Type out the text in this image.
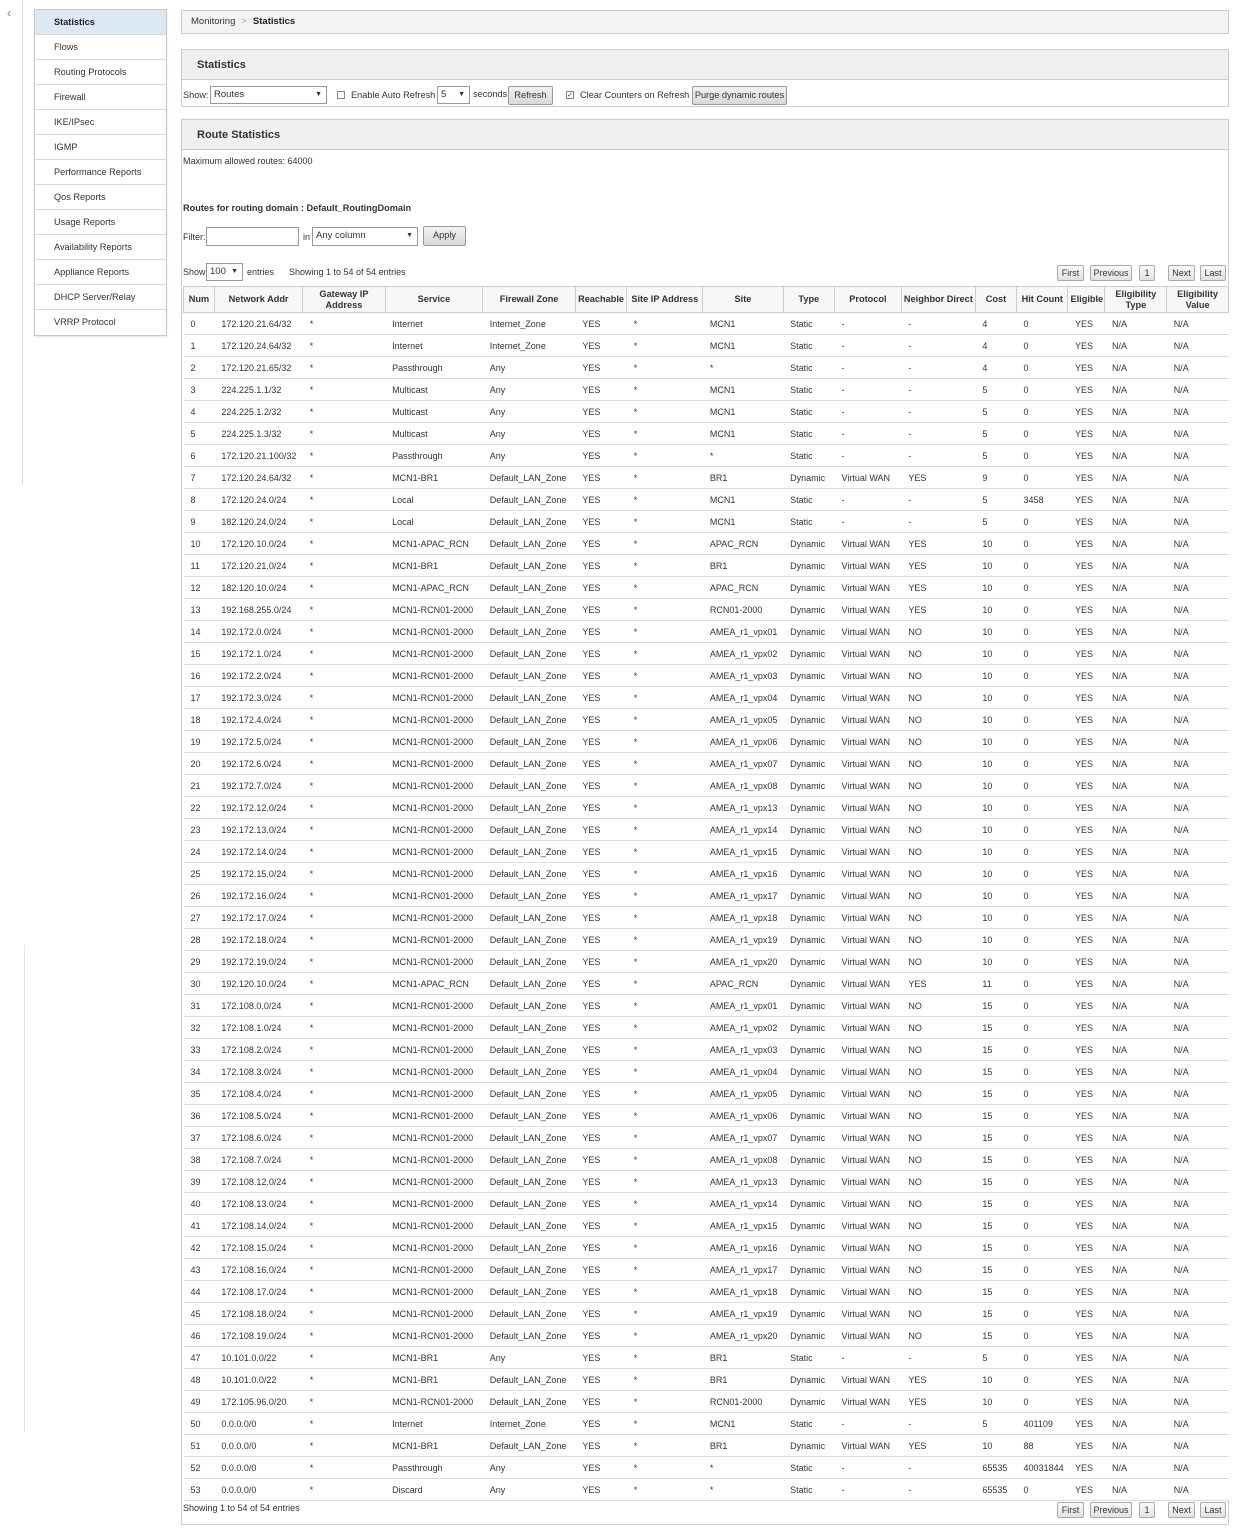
‹
Statistics
Flows
Routing Protocols
Firewall
IKE/IPsec
IGMP
Performance Reports
Qos Reports
Usage Reports
Availability Reports
Appliance Reports
DHCP Server/Relay
VRRP Protocol
Monitoring > Statistics
Statistics
Show: Routes	▼	Enable Auto Refresh 5 ▼ seconds Refresh	✓ Clear Counters on Refresh Purge dynamic routes
Route Statistics
Maximum allowed routes: 64000
Routes for routing domain : Default_RoutingDomain
Filter:	in Any column	▼	Apply
Show 100 ▼ entries Showing 1 to 54 of 54 entries	First	Previous	1	Next	Last
Num	Network Addr	Gateway IP Address	Service	Firewall Zone	Reachable	Site IP Address	Site	Type	Protocol	Neighbor Direct	Cost	Hit Count	Eligible	Eligibility Type	Eligibility Value
0	172.120.21.64/32	*	Internet	Internet_Zone	YES	*	MCN1	Static	-	-	4	0	YES	N/A	N/A
1	172.120.24.64/32	*	Internet	Internet_Zone	YES	*	MCN1	Static	-	-	4	0	YES	N/A	N/A
2	172.120.21.65/32	*	Passthrough	Any	YES	*	*	Static	-	-	4	0	YES	N/A	N/A
3	224.225.1.1/32	*	Multicast	Any	YES	*	MCN1	Static	-	-	5	0	YES	N/A	N/A
4	224.225.1.2/32	*	Multicast	Any	YES	*	MCN1	Static	-	-	5	0	YES	N/A	N/A
5	224.225.1.3/32	*	Multicast	Any	YES	*	MCN1	Static	-	-	5	0	YES	N/A	N/A
6	172.120.21.100/32	*	Passthrough	Any	YES	*	*	Static	-	-	5	0	YES	N/A	N/A
7	172.120.24.64/32	*	MCN1-BR1	Default_LAN_Zone	YES	*	BR1	Dynamic	Virtual WAN	YES	9	0	YES	N/A	N/A
8	172.120.24.0/24	*	Local	Default_LAN_Zone	YES	*	MCN1	Static	-	-	5	3458	YES	N/A	N/A
9	182.120.24.0/24	*	Local	Default_LAN_Zone	YES	*	MCN1	Static	-	-	5	0	YES	N/A	N/A
10	172.120.10.0/24	*	MCN1-APAC_RCN	Default_LAN_Zone	YES	*	APAC_RCN	Dynamic	Virtual WAN	YES	10	0	YES	N/A	N/A
11	172.120.21.0/24	*	MCN1-BR1	Default_LAN_Zone	YES	*	BR1	Dynamic	Virtual WAN	YES	10	0	YES	N/A	N/A
12	182.120.10.0/24	*	MCN1-APAC_RCN	Default_LAN_Zone	YES	*	APAC_RCN	Dynamic	Virtual WAN	YES	10	0	YES	N/A	N/A
13	192.168.255.0/24	*	MCN1-RCN01-2000	Default_LAN_Zone	YES	*	RCN01-2000	Dynamic	Virtual WAN	YES	10	0	YES	N/A	N/A
14	192.172.0.0/24	*	MCN1-RCN01-2000	Default_LAN_Zone	YES	*	AMEA_r1_vpx01	Dynamic	Virtual WAN	NO	10	0	YES	N/A	N/A
15	192.172.1.0/24	*	MCN1-RCN01-2000	Default_LAN_Zone	YES	*	AMEA_r1_vpx02	Dynamic	Virtual WAN	NO	10	0	YES	N/A	N/A
16	192.172.2.0/24	*	MCN1-RCN01-2000	Default_LAN_Zone	YES	*	AMEA_r1_vpx03	Dynamic	Virtual WAN	NO	10	0	YES	N/A	N/A
17	192.172.3.0/24	*	MCN1-RCN01-2000	Default_LAN_Zone	YES	*	AMEA_r1_vpx04	Dynamic	Virtual WAN	NO	10	0	YES	N/A	N/A
18	192.172.4.0/24	*	MCN1-RCN01-2000	Default_LAN_Zone	YES	*	AMEA_r1_vpx05	Dynamic	Virtual WAN	NO	10	0	YES	N/A	N/A
19	192.172.5.0/24	*	MCN1-RCN01-2000	Default_LAN_Zone	YES	*	AMEA_r1_vpx06	Dynamic	Virtual WAN	NO	10	0	YES	N/A	N/A
20	192.172.6.0/24	*	MCN1-RCN01-2000	Default_LAN_Zone	YES	*	AMEA_r1_vpx07	Dynamic	Virtual WAN	NO	10	0	YES	N/A	N/A
21	192.172.7.0/24	*	MCN1-RCN01-2000	Default_LAN_Zone	YES	*	AMEA_r1_vpx08	Dynamic	Virtual WAN	NO	10	0	YES	N/A	N/A
22	192.172.12.0/24	*	MCN1-RCN01-2000	Default_LAN_Zone	YES	*	AMEA_r1_vpx13	Dynamic	Virtual WAN	NO	10	0	YES	N/A	N/A
23	192.172.13.0/24	*	MCN1-RCN01-2000	Default_LAN_Zone	YES	*	AMEA_r1_vpx14	Dynamic	Virtual WAN	NO	10	0	YES	N/A	N/A
24	192.172.14.0/24	*	MCN1-RCN01-2000	Default_LAN_Zone	YES	*	AMEA_r1_vpx15	Dynamic	Virtual WAN	NO	10	0	YES	N/A	N/A
25	192.172.15.0/24	*	MCN1-RCN01-2000	Default_LAN_Zone	YES	*	AMEA_r1_vpx16	Dynamic	Virtual WAN	NO	10	0	YES	N/A	N/A
26	192.172.16.0/24	*	MCN1-RCN01-2000	Default_LAN_Zone	YES	*	AMEA_r1_vpx17	Dynamic	Virtual WAN	NO	10	0	YES	N/A	N/A
27	192.172.17.0/24	*	MCN1-RCN01-2000	Default_LAN_Zone	YES	*	AMEA_r1_vpx18	Dynamic	Virtual WAN	NO	10	0	YES	N/A	N/A
28	192.172.18.0/24	*	MCN1-RCN01-2000	Default_LAN_Zone	YES	*	AMEA_r1_vpx19	Dynamic	Virtual WAN	NO	10	0	YES	N/A	N/A
29	192.172.19.0/24	*	MCN1-RCN01-2000	Default_LAN_Zone	YES	*	AMEA_r1_vpx20	Dynamic	Virtual WAN	NO	10	0	YES	N/A	N/A
30	192.120.10.0/24	*	MCN1-APAC_RCN	Default_LAN_Zone	YES	*	APAC_RCN	Dynamic	Virtual WAN	YES	11	0	YES	N/A	N/A
31	172.108.0.0/24	*	MCN1-RCN01-2000	Default_LAN_Zone	YES	*	AMEA_r1_vpx01	Dynamic	Virtual WAN	NO	15	0	YES	N/A	N/A
32	172.108.1.0/24	*	MCN1-RCN01-2000	Default_LAN_Zone	YES	*	AMEA_r1_vpx02	Dynamic	Virtual WAN	NO	15	0	YES	N/A	N/A
33	172.108.2.0/24	*	MCN1-RCN01-2000	Default_LAN_Zone	YES	*	AMEA_r1_vpx03	Dynamic	Virtual WAN	NO	15	0	YES	N/A	N/A
34	172.108.3.0/24	*	MCN1-RCN01-2000	Default_LAN_Zone	YES	*	AMEA_r1_vpx04	Dynamic	Virtual WAN	NO	15	0	YES	N/A	N/A
35	172.108.4.0/24	*	MCN1-RCN01-2000	Default_LAN_Zone	YES	*	AMEA_r1_vpx05	Dynamic	Virtual WAN	NO	15	0	YES	N/A	N/A
36	172.108.5.0/24	*	MCN1-RCN01-2000	Default_LAN_Zone	YES	*	AMEA_r1_vpx06	Dynamic	Virtual WAN	NO	15	0	YES	N/A	N/A
37	172.108.6.0/24	*	MCN1-RCN01-2000	Default_LAN_Zone	YES	*	AMEA_r1_vpx07	Dynamic	Virtual WAN	NO	15	0	YES	N/A	N/A
38	172.108.7.0/24	*	MCN1-RCN01-2000	Default_LAN_Zone	YES	*	AMEA_r1_vpx08	Dynamic	Virtual WAN	NO	15	0	YES	N/A	N/A
39	172.108.12.0/24	*	MCN1-RCN01-2000	Default_LAN_Zone	YES	*	AMEA_r1_vpx13	Dynamic	Virtual WAN	NO	15	0	YES	N/A	N/A
40	172.108.13.0/24	*	MCN1-RCN01-2000	Default_LAN_Zone	YES	*	AMEA_r1_vpx14	Dynamic	Virtual WAN	NO	15	0	YES	N/A	N/A
41	172.108.14.0/24	*	MCN1-RCN01-2000	Default_LAN_Zone	YES	*	AMEA_r1_vpx15	Dynamic	Virtual WAN	NO	15	0	YES	N/A	N/A
42	172.108.15.0/24	*	MCN1-RCN01-2000	Default_LAN_Zone	YES	*	AMEA_r1_vpx16	Dynamic	Virtual WAN	NO	15	0	YES	N/A	N/A
43	172.108.16.0/24	*	MCN1-RCN01-2000	Default_LAN_Zone	YES	*	AMEA_r1_vpx17	Dynamic	Virtual WAN	NO	15	0	YES	N/A	N/A
44	172.108.17.0/24	*	MCN1-RCN01-2000	Default_LAN_Zone	YES	*	AMEA_r1_vpx18	Dynamic	Virtual WAN	NO	15	0	YES	N/A	N/A
45	172.108.18.0/24	*	MCN1-RCN01-2000	Default_LAN_Zone	YES	*	AMEA_r1_vpx19	Dynamic	Virtual WAN	NO	15	0	YES	N/A	N/A
46	172.108.19.0/24	*	MCN1-RCN01-2000	Default_LAN_Zone	YES	*	AMEA_r1_vpx20	Dynamic	Virtual WAN	NO	15	0	YES	N/A	N/A
47	10.101.0.0/22	*	MCN1-BR1	Any	YES	*	BR1	Static	-	-	5	0	YES	N/A	N/A
48	10.101.0.0/22	*	MCN1-BR1	Default_LAN_Zone	YES	*	BR1	Dynamic	Virtual WAN	YES	10	0	YES	N/A	N/A
49	172.105.96.0/20	*	MCN1-RCN01-2000	Default_LAN_Zone	YES	*	RCN01-2000	Dynamic	Virtual WAN	YES	10	0	YES	N/A	N/A
50	0.0.0.0/0	*	Internet	Internet_Zone	YES	*	MCN1	Static	-	-	5	401109	YES	N/A	N/A
51	0.0.0.0/0	*	MCN1-BR1	Default_LAN_Zone	YES	*	BR1	Dynamic	Virtual WAN	YES	10	88	YES	N/A	N/A
52	0.0.0.0/0	*	Passthrough	Any	YES	*	*	Static	-	-	65535	40031844	YES	N/A	N/A
53	0.0.0.0/0	*	Discard	Any	YES	*	*	Static	-	-	65535	0	YES	N/A	N/A
Showing 1 to 54 of 54 entries	First	Previous	1	Next	Last
